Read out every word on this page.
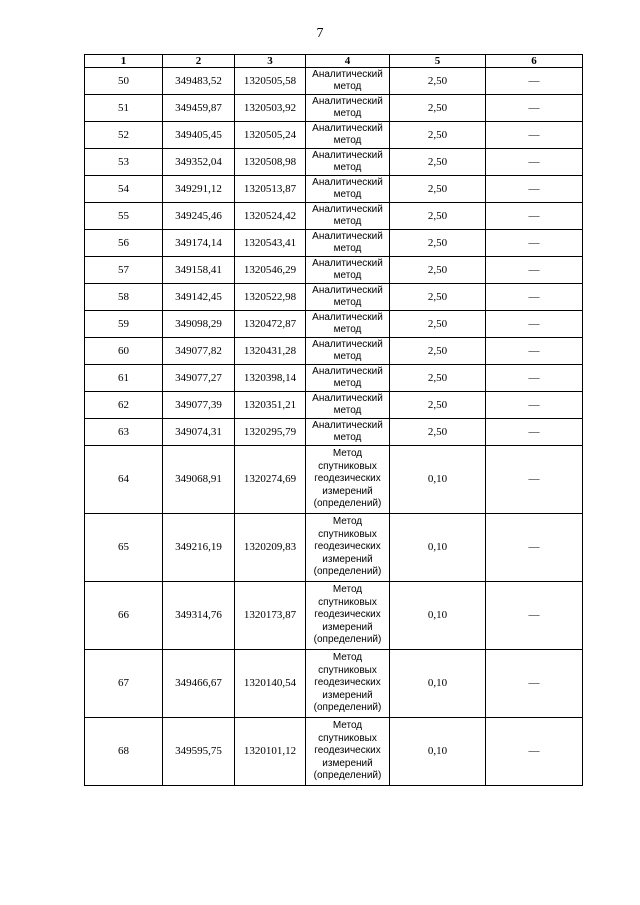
7
1	2	3	4	5	6
50	349483,52	1320505,58	Аналитический метод	2,50	—
51	349459,87	1320503,92	Аналитический метод	2,50	—
52	349405,45	1320505,24	Аналитический метод	2,50	—
53	349352,04	1320508,98	Аналитический метод	2,50	—
54	349291,12	1320513,87	Аналитический метод	2,50	—
55	349245,46	1320524,42	Аналитический метод	2,50	—
56	349174,14	1320543,41	Аналитический метод	2,50	—
57	349158,41	1320546,29	Аналитический метод	2,50	—
58	349142,45	1320522,98	Аналитический метод	2,50	—
59	349098,29	1320472,87	Аналитический метод	2,50	—
60	349077,82	1320431,28	Аналитический метод	2,50	—
61	349077,27	1320398,14	Аналитический метод	2,50	—
62	349077,39	1320351,21	Аналитический метод	2,50	—
63	349074,31	1320295,79	Аналитический метод	2,50	—
64	349068,91	1320274,69	Метод спутниковых геодезических измерений (определений)	0,10	—
65	349216,19	1320209,83	Метод спутниковых геодезических измерений (определений)	0,10	—
66	349314,76	1320173,87	Метод спутниковых геодезических измерений (определений)	0,10	—
67	349466,67	1320140,54	Метод спутниковых геодезических измерений (определений)	0,10	—
68	349595,75	1320101,12	Метод спутниковых геодезических измерений (определений)	0,10	—
